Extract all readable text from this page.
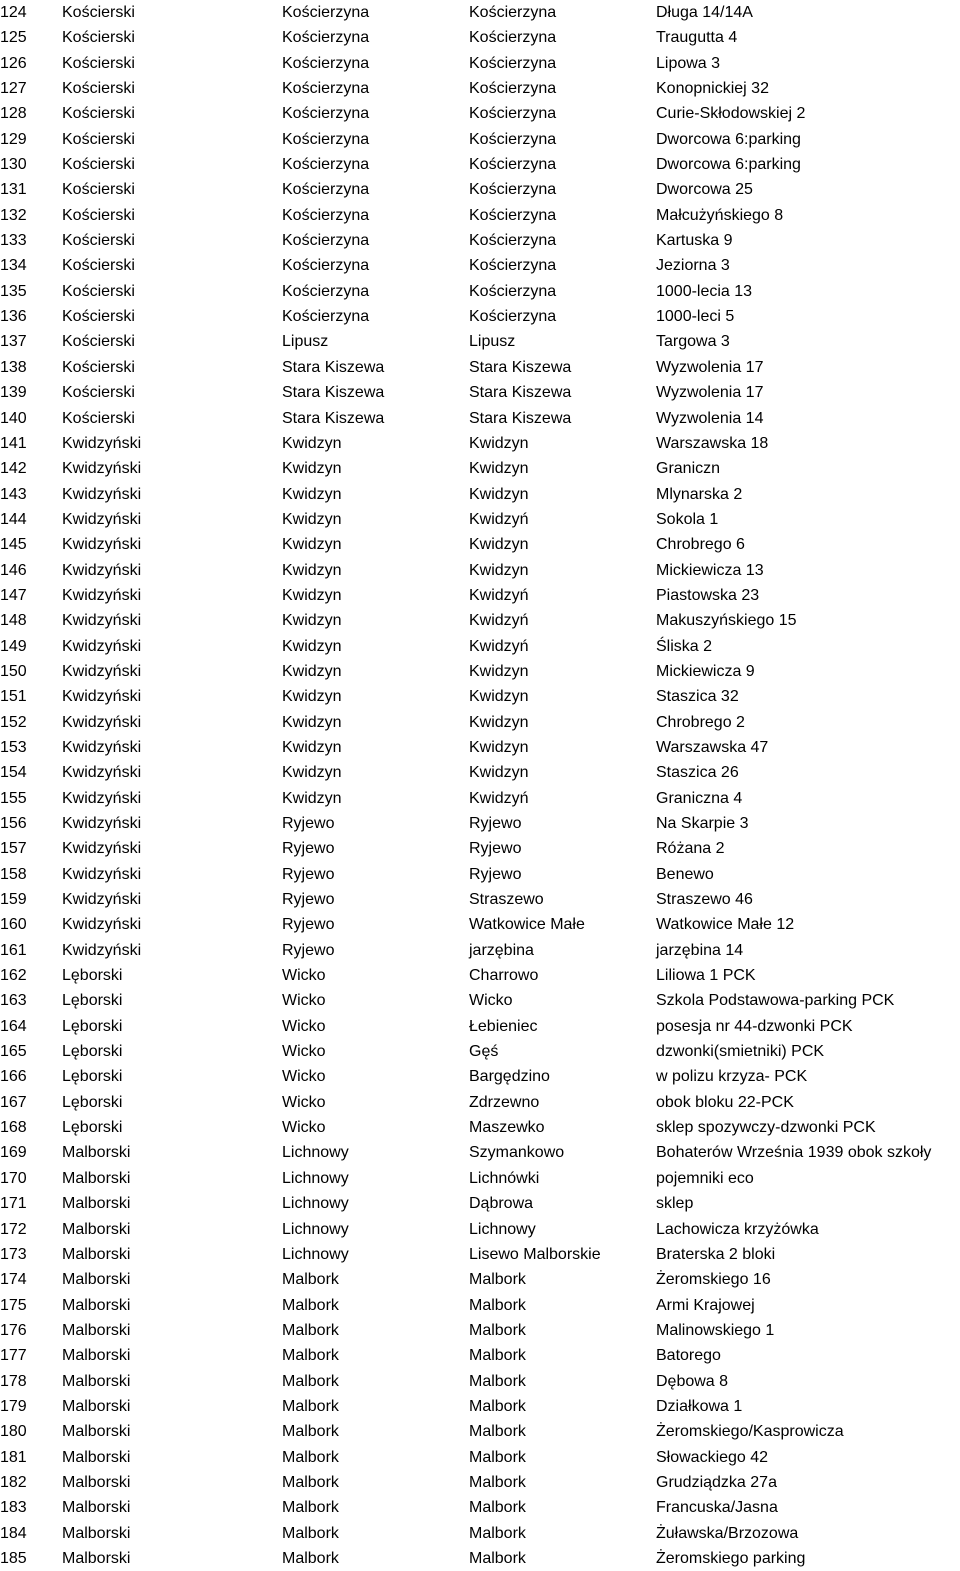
124	Kościerski	Kościerzyna	Kościerzyna	Długa 14/14A
125	Kościerski	Kościerzyna	Kościerzyna	Traugutta 4
126	Kościerski	Kościerzyna	Kościerzyna	Lipowa 3
127	Kościerski	Kościerzyna	Kościerzyna	Konopnickiej 32
128	Kościerski	Kościerzyna	Kościerzyna	Curie-Skłodowskiej 2
129	Kościerski	Kościerzyna	Kościerzyna	Dworcowa 6:parking
130	Kościerski	Kościerzyna	Kościerzyna	Dworcowa 6:parking
131	Kościerski	Kościerzyna	Kościerzyna	Dworcowa 25
132	Kościerski	Kościerzyna	Kościerzyna	Małcużyńskiego 8
133	Kościerski	Kościerzyna	Kościerzyna	Kartuska 9
134	Kościerski	Kościerzyna	Kościerzyna	Jeziorna 3
135	Kościerski	Kościerzyna	Kościerzyna	1000-lecia 13
136	Kościerski	Kościerzyna	Kościerzyna	1000-leci 5
137	Kościerski	Lipusz	Lipusz	Targowa 3
138	Kościerski	Stara Kiszewa	Stara Kiszewa	Wyzwolenia 17
139	Kościerski	Stara Kiszewa	Stara Kiszewa	Wyzwolenia 17
140	Kościerski	Stara Kiszewa	Stara Kiszewa	Wyzwolenia 14
141	Kwidzyński	Kwidzyn	Kwidzyn	Warszawska 18
142	Kwidzyński	Kwidzyn	Kwidzyn	Graniczn
143	Kwidzyński	Kwidzyn	Kwidzyn	Mlynarska 2
144	Kwidzyński	Kwidzyn	Kwidzyń	Sokola 1
145	Kwidzyński	Kwidzyn	Kwidzyn	Chrobrego 6
146	Kwidzyński	Kwidzyn	Kwidzyn	Mickiewicza 13
147	Kwidzyński	Kwidzyn	Kwidzyń	Piastowska 23
148	Kwidzyński	Kwidzyn	Kwidzyń	Makuszyńskiego 15
149	Kwidzyński	Kwidzyn	Kwidzyń	Śliska 2
150	Kwidzyński	Kwidzyn	Kwidzyn	Mickiewicza 9
151	Kwidzyński	Kwidzyn	Kwidzyn	Staszica 32
152	Kwidzyński	Kwidzyn	Kwidzyn	Chrobrego 2
153	Kwidzyński	Kwidzyn	Kwidzyn	Warszawska 47
154	Kwidzyński	Kwidzyn	Kwidzyn	Staszica 26
155	Kwidzyński	Kwidzyn	Kwidzyń	Graniczna 4
156	Kwidzyński	Ryjewo	Ryjewo	Na Skarpie 3
157	Kwidzyński	Ryjewo	Ryjewo	Różana 2
158	Kwidzyński	Ryjewo	Ryjewo	Benewo
159	Kwidzyński	Ryjewo	Straszewo	Straszewo 46
160	Kwidzyński	Ryjewo	Watkowice Małe	Watkowice Małe 12
161	Kwidzyński	Ryjewo	jarzębina	jarzębina 14
162	Lęborski	Wicko	Charrowo	Liliowa 1 PCK
163	Lęborski	Wicko	Wicko	Szkola Podstawowa-parking PCK
164	Lęborski	Wicko	Łebieniec	posesja nr 44-dzwonki PCK
165	Lęborski	Wicko	Gęś	dzwonki(smietniki) PCK
166	Lęborski	Wicko	Bargędzino	w polizu krzyza- PCK
167	Lęborski	Wicko	Zdrzewno	obok bloku 22-PCK
168	Lęborski	Wicko	Maszewko	sklep spozywczy-dzwonki PCK
169	Malborski	Lichnowy	Szymankowo	Bohaterów Września 1939 obok szkoły
170	Malborski	Lichnowy	Lichnówki	pojemniki eco
171	Malborski	Lichnowy	Dąbrowa	sklep
172	Malborski	Lichnowy	Lichnowy	Lachowicza krzyżówka
173	Malborski	Lichnowy	Lisewo Malborskie	Braterska 2 bloki
174	Malborski	Malbork	Malbork	Żeromskiego 16
175	Malborski	Malbork	Malbork	Armi Krajowej
176	Malborski	Malbork	Malbork	Malinowskiego 1
177	Malborski	Malbork	Malbork	Batorego
178	Malborski	Malbork	Malbork	Dębowa 8
179	Malborski	Malbork	Malbork	Działkowa 1
180	Malborski	Malbork	Malbork	Żeromskiego/Kasprowicza
181	Malborski	Malbork	Malbork	Słowackiego 42
182	Malborski	Malbork	Malbork	Grudziądzka 27a
183	Malborski	Malbork	Malbork	Francuska/Jasna
184	Malborski	Malbork	Malbork	Żuławska/Brzozowa
185	Malborski	Malbork	Malbork	Żeromskiego parking
